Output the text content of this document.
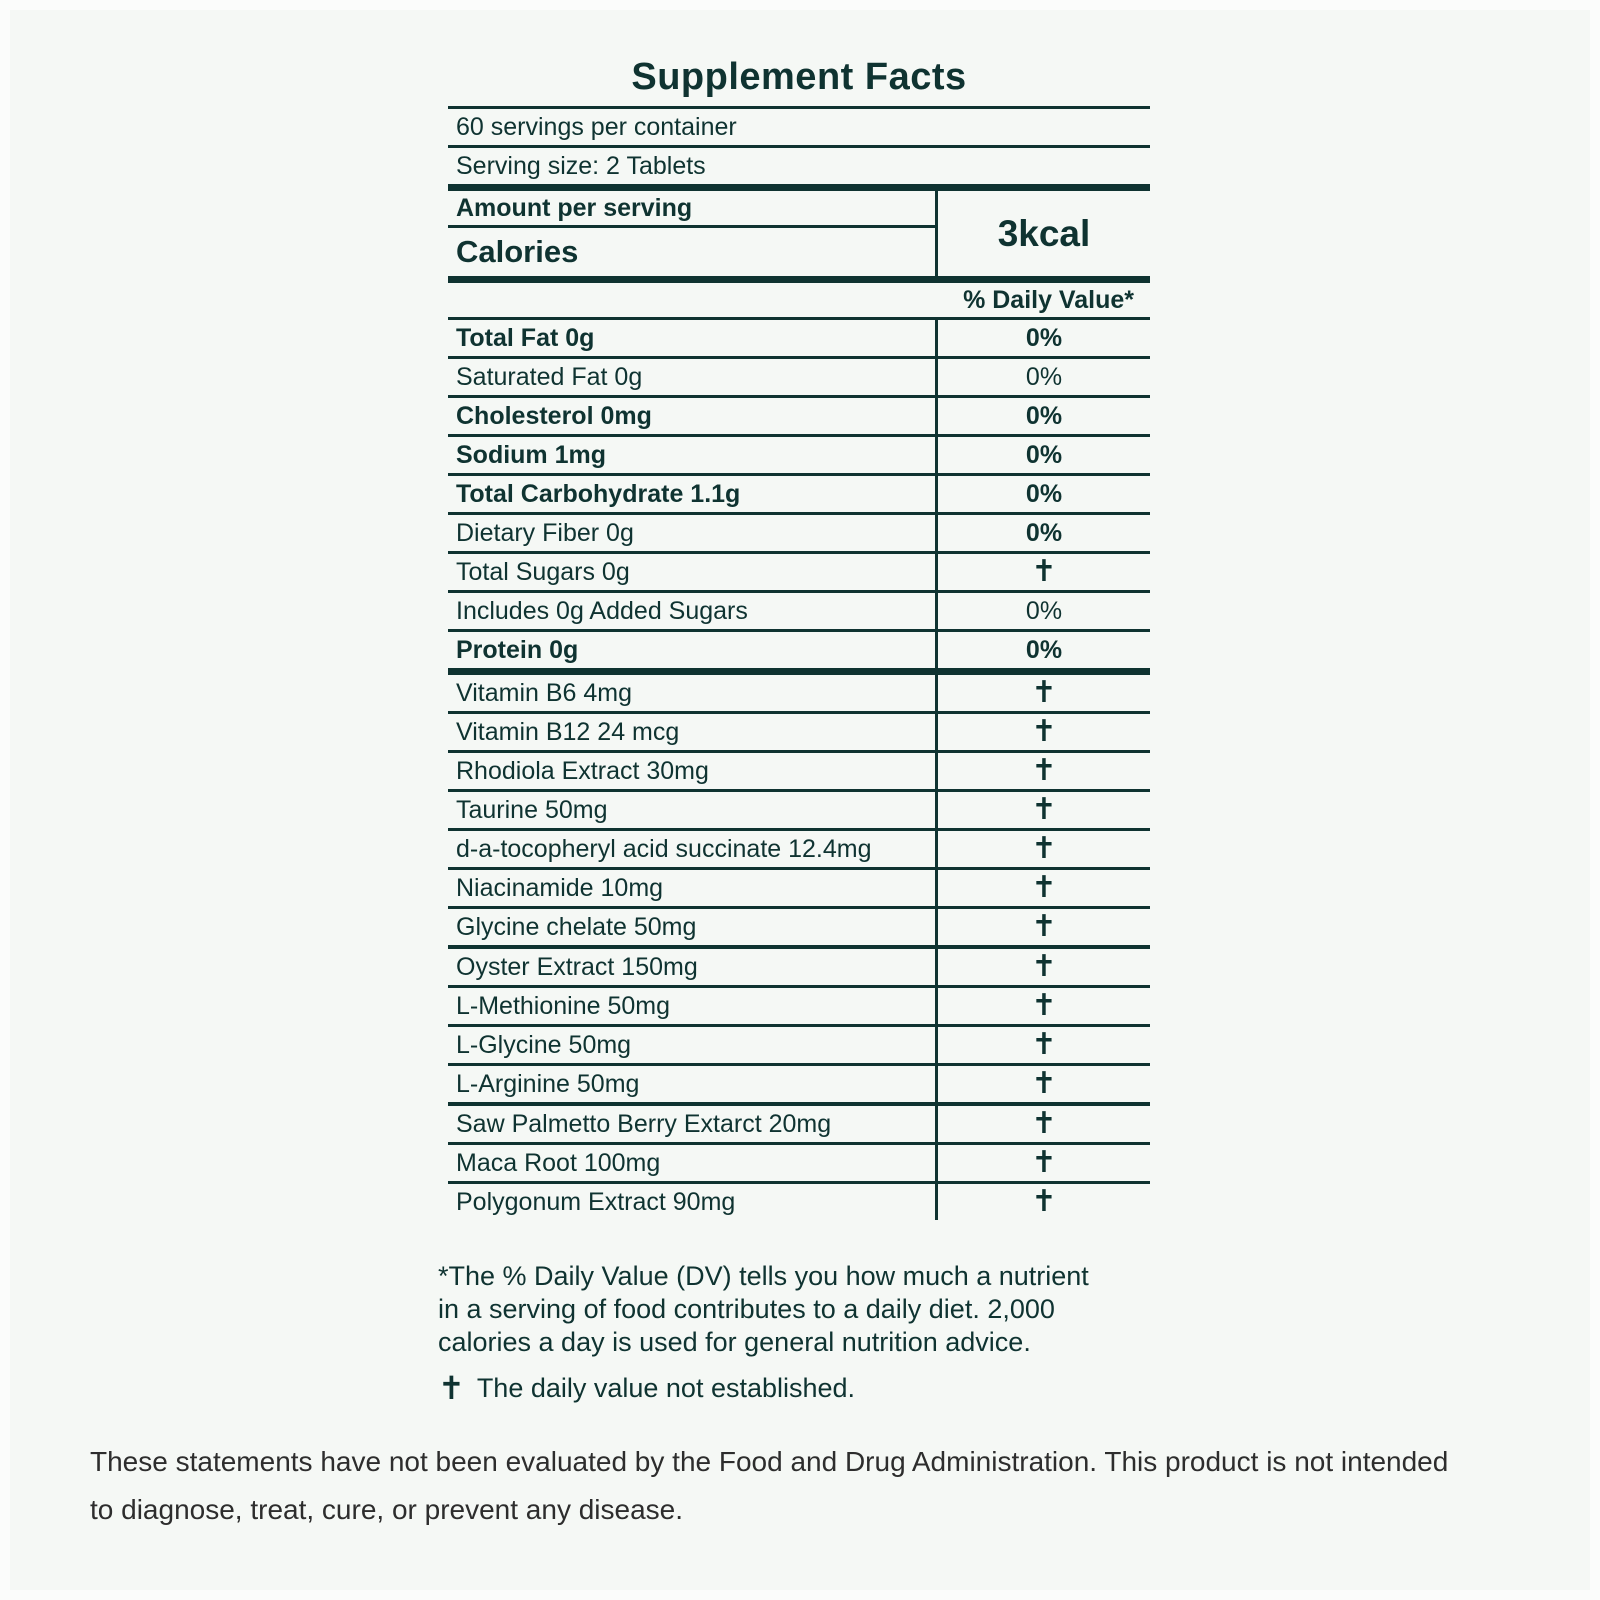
Supplement Facts
60 servings per container
Serving size: 2 Tablets
Amount per serving
Calories	3kcal
% Daily Value*
Total Fat 0g	0%
Saturated Fat 0g	0%
Cholesterol 0mg	0%
Sodium 1mg	0%
Total Carbohydrate 1.1g	0%
Dietary Fiber 0g	0%
Total Sugars 0g	✝
Includes 0g Added Sugars	0%
Protein 0g	0%
Vitamin B6 4mg	✝
Vitamin B12 24 mcg	✝
Rhodiola Extract 30mg	✝
Taurine 50mg	✝
d-a-tocopheryl acid succinate 12.4mg	✝
Niacinamide 10mg	✝
Glycine chelate 50mg	✝
Oyster Extract 150mg	✝
L-Methionine 50mg	✝
L-Glycine 50mg	✝
L-Arginine 50mg	✝
Saw Palmetto Berry Extarct 20mg	✝
Maca Root 100mg	✝
Polygonum Extract 90mg	✝
*The % Daily Value (DV) tells you how much a nutrient
in a serving of food contributes to a daily diet. 2,000
calories a day is used for general nutrition advice.
✝ The daily value not established.
These statements have not been evaluated by the Food and Drug Administration. This product is not intended
to diagnose, treat, cure, or prevent any disease.
